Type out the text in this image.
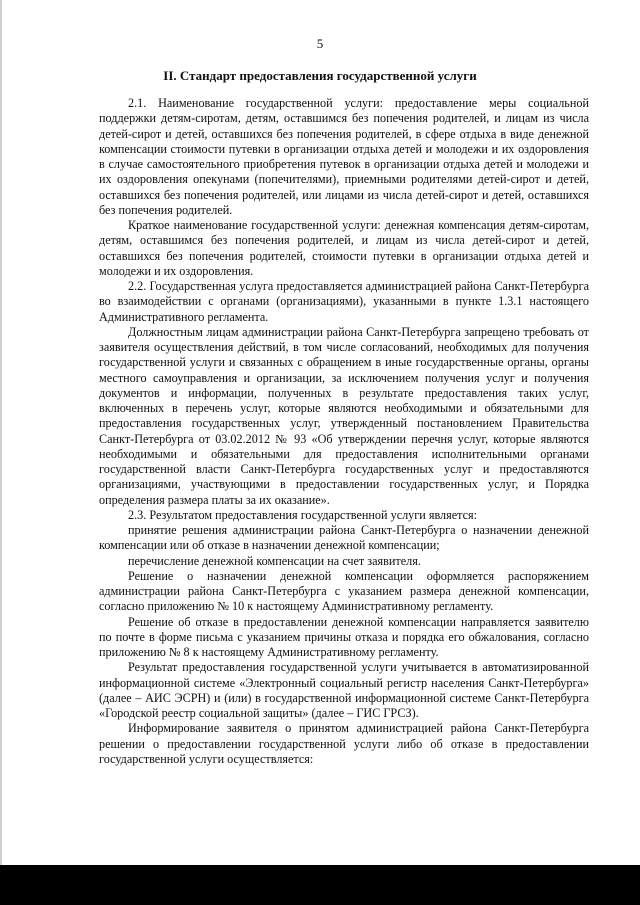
5
II. Стандарт предоставления государственной услуги

2.1. Наименование государственной услуги: предоставление меры социальной поддержки детям-сиротам, детям, оставшимся без попечения родителей, и лицам из числа детей-сирот и детей, оставшихся без попечения родителей, в сфере отдыха в виде денежной компенсации стоимости путевки в организации отдыха детей и молодежи и их оздоровления в случае самостоятельного приобретения путевок в организации отдыха детей и молодежи и их оздоровления опекунами (попечителями), приемными родителями детей-сирот и детей, оставшихся без попечения родителей, или лицами из числа детей-сирот и детей, оставшихся без попечения родителей.

Краткое наименование государственной услуги: денежная компенсация детям-сиротам, детям, оставшимся без попечения родителей, и лицам из числа детей-сирот и детей, оставшихся без попечения родителей, стоимости путевки в организации отдыха детей и молодежи и их оздоровления.

2.2. Государственная услуга предоставляется администрацией района Санкт-Петербурга во взаимодействии с органами (организациями), указанными в пункте 1.3.1 настоящего Административного регламента.

Должностным лицам администрации района Санкт-Петербурга запрещено требовать от заявителя осуществления действий, в том числе согласований, необходимых для получения государственной услуги и связанных с обращением в иные государственные органы, органы местного самоуправления и организации, за исключением получения услуг и получения документов и информации, полученных в результате предоставления таких услуг, включенных в перечень услуг, которые являются необходимыми и обязательными для предоставления государственных услуг, утвержденный постановлением Правительства Санкт-Петербурга от 03.02.2012 № 93 «Об утверждении перечня услуг, которые являются необходимыми и обязательными для предоставления исполнительными органами государственной власти Санкт-Петербурга государственных услуг и предоставляются организациями, участвующими в предоставлении государственных услуг, и Порядка определения размера платы за их оказание».

2.3. Результатом предоставления государственной услуги является:

принятие решения администрации района Санкт-Петербурга о назначении денежной компенсации или об отказе в назначении денежной компенсации;

перечисление денежной компенсации на счет заявителя.

Решение о назначении денежной компенсации оформляется распоряжением администрации района Санкт-Петербурга с указанием размера денежной компенсации, согласно приложению № 10 к настоящему Административному регламенту.

Решение об отказе в предоставлении денежной компенсации направляется заявителю по почте в форме письма с указанием причины отказа и порядка его обжалования, согласно приложению № 8 к настоящему Административному регламенту.

Результат предоставления государственной услуги учитывается в автоматизированной информационной системе «Электронный социальный регистр населения Санкт-Петербурга» (далее – АИС ЭСРН) и (или) в государственной информационной системе Санкт-Петербурга «Городской реестр социальной защиты» (далее – ГИС ГРСЗ).

Информирование заявителя о принятом администрацией района Санкт-Петербурга решении о предоставлении государственной услуги либо об отказе в предоставлении государственной услуги осуществляется:
